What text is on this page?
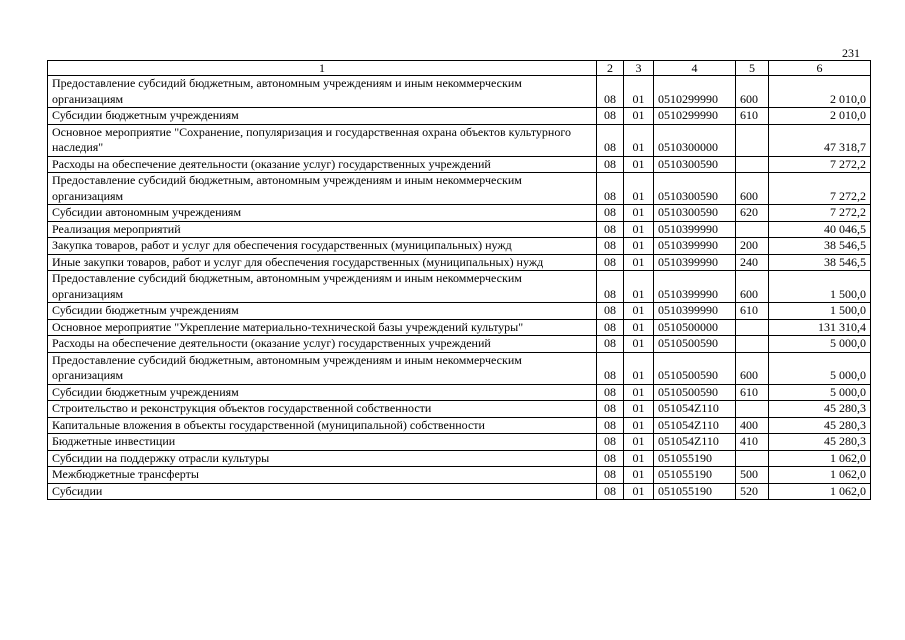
231
1	2	3	4	5	6
Предоставление субсидий бюджетным, автономным учреждениям и иным некоммерческим организациям	08	01	0510299990	600	2 010,0
Субсидии бюджетным учреждениям	08	01	0510299990	610	2 010,0
Основное мероприятие "Сохранение, популяризация и государственная охрана объектов культурного наследия"	08	01	0510300000		47 318,7
Расходы на обеспечение деятельности (оказание услуг) государственных учреждений	08	01	0510300590		7 272,2
Предоставление субсидий бюджетным, автономным учреждениям и иным некоммерческим организациям	08	01	0510300590	600	7 272,2
Субсидии автономным учреждениям	08	01	0510300590	620	7 272,2
Реализация мероприятий	08	01	0510399990		40 046,5
Закупка товаров, работ и услуг для обеспечения государственных (муниципальных) нужд	08	01	0510399990	200	38 546,5
Иные закупки товаров, работ и услуг для обеспечения государственных (муниципальных) нужд	08	01	0510399990	240	38 546,5
Предоставление субсидий бюджетным, автономным учреждениям и иным некоммерческим организациям	08	01	0510399990	600	1 500,0
Субсидии бюджетным учреждениям	08	01	0510399990	610	1 500,0
Основное мероприятие "Укрепление материально-технической базы учреждений культуры"	08	01	0510500000		131 310,4
Расходы на обеспечение деятельности (оказание услуг) государственных учреждений	08	01	0510500590		5 000,0
Предоставление субсидий бюджетным, автономным учреждениям и иным некоммерческим организациям	08	01	0510500590	600	5 000,0
Субсидии бюджетным учреждениям	08	01	0510500590	610	5 000,0
Строительство и реконструкция объектов государственной собственности	08	01	051054Z110		45 280,3
Капитальные вложения в объекты государственной (муниципальной) собственности	08	01	051054Z110	400	45 280,3
Бюджетные инвестиции	08	01	051054Z110	410	45 280,3
Субсидии на поддержку отрасли культуры	08	01	051055190		1 062,0
Межбюджетные трансферты	08	01	051055190	500	1 062,0
Субсидии	08	01	051055190	520	1 062,0
